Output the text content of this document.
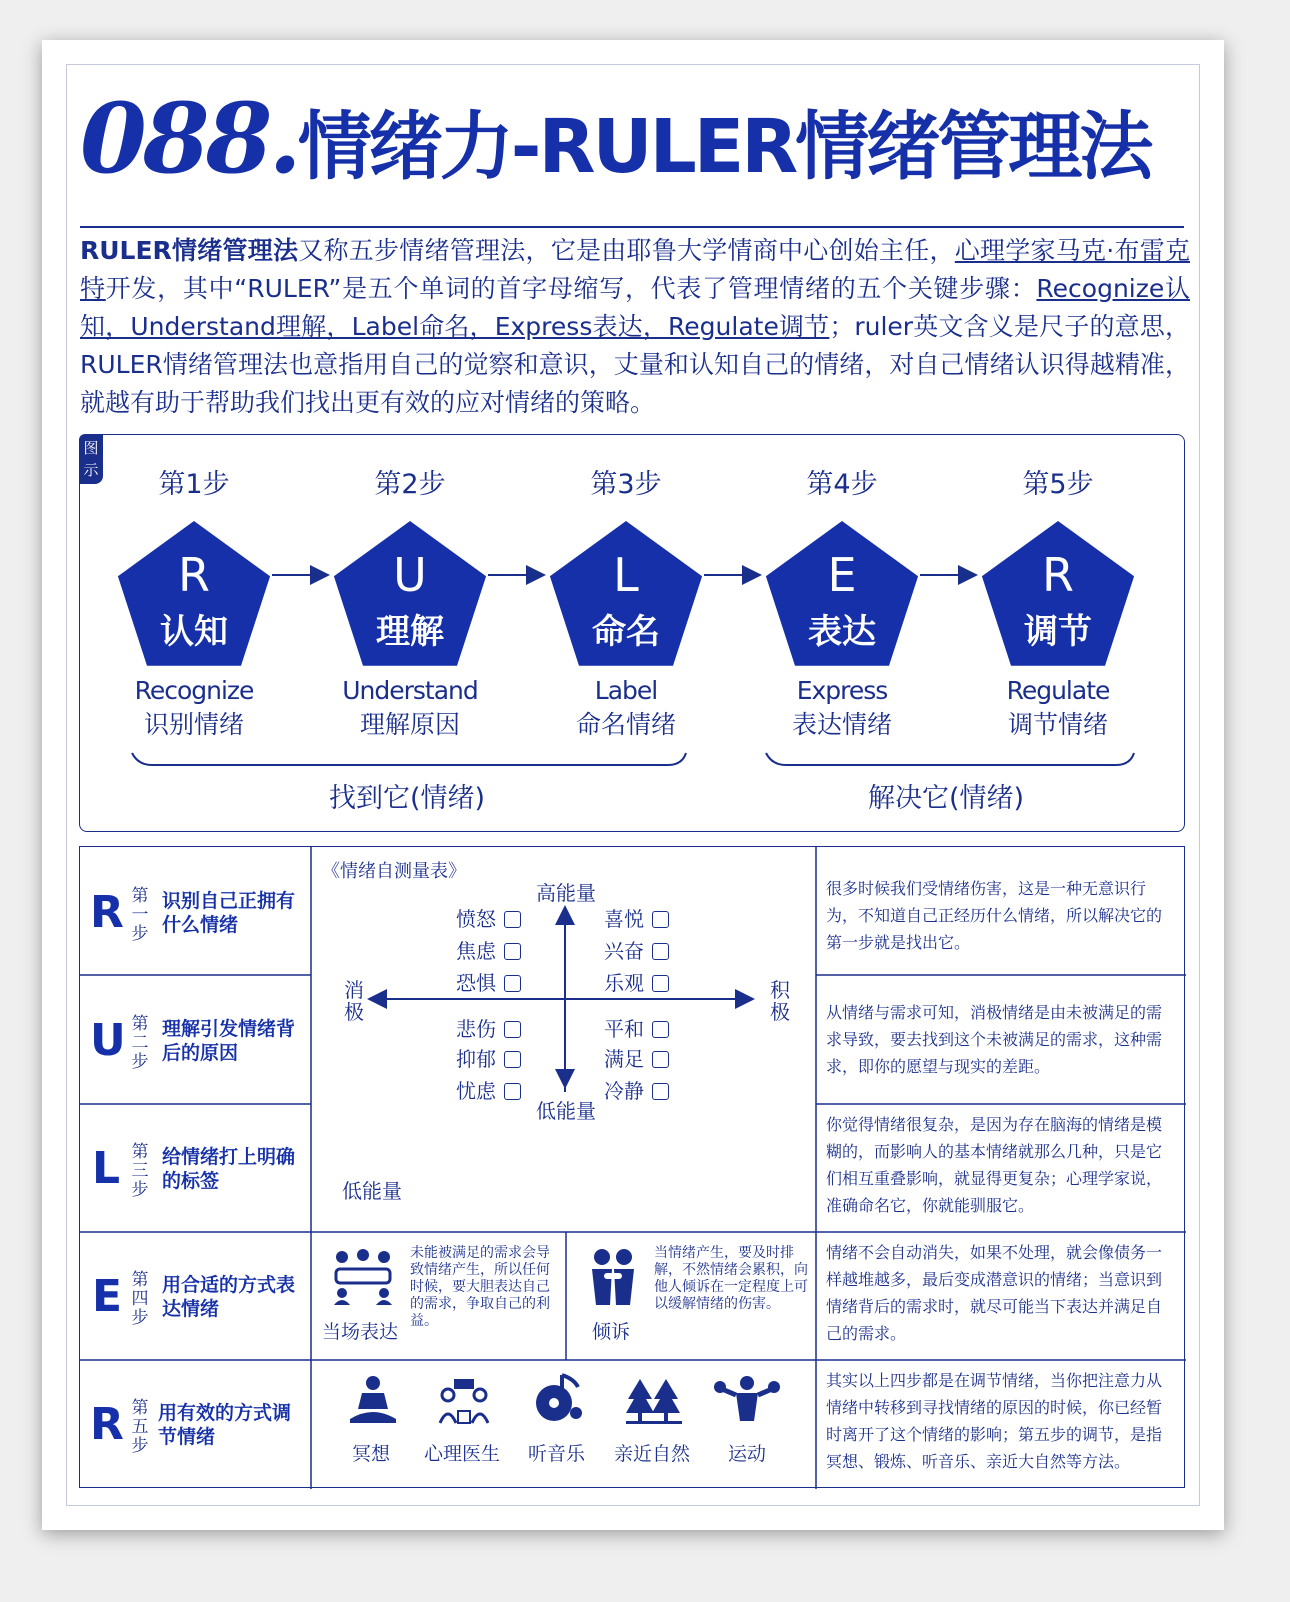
088.情绪力-RULER情绪管理法
RULER情绪管理法又称五步情绪管理法，它是由耶鲁大学情商中心创始主任，心理学家马克·布雷克特开发，其中“RULER”是五个单词的首字母缩写，代表了管理情绪的五个关键步骤：Recognize认知，Understand理解，Label命名，Express表达，Regulate调节；ruler英文含义是尺子的意思，RULER情绪管理法也意指用自己的觉察和意识，丈量和认知自己的情绪，对自己情绪认识得越精准，就越有助于帮助我们找出更有效的应对情绪的策略。
图示 第1步
R
认知
Recognize
识别情绪
第2步
U
理解
Understand
理解原因
第3步
L
命名
Label
命名情绪
第4步
E
表达
Express
表达情绪
第5步
R
调节
Regulate
调节情绪
找到它(情绪)	解决它(情绪)
R 第一步
识别自己正拥有什么情绪
U 第二步
理解引发情绪背后的原因
L 第三步
给情绪打上明确的标签
E 第四步
用合适的方式表达情绪
R 第五步
用有效的方式调节情绪
很多时候我们受情绪伤害，这是一种无意识行为，不知道自己正经历什么情绪，所以解决它的第一步就是找出它。
从情绪与需求可知，消极情绪是由未被满足的需求导致，要去找到这个未被满足的需求，这种需求，即你的愿望与现实的差距。
你觉得情绪很复杂，是因为存在脑海的情绪是模糊的，而影响人的基本情绪就那么几种，只是它们相互重叠影响，就显得更复杂；心理学家说，准确命名它，你就能驯服它。
情绪不会自动消失，如果不处理，就会像债务一样越堆越多，最后变成潜意识的情绪；当意识到情绪背后的需求时，就尽可能当下表达并满足自己的需求。
其实以上四步都是在调节情绪，当你把注意力从情绪中转移到寻找情绪的原因的时候，你已经暂时离开了这个情绪的影响；第五步的调节，是指冥想、锻炼、听音乐、亲近大自然等方法。
《情绪自测量表》
高能量
低能量
消极
积极
愤怒
焦虑
恐惧
喜悦
兴奋
乐观
悲伤
抑郁
忧虑
平和
满足
冷静
低能量
当场表达
未能被满足的需求会导致情绪产生，所以任何时候，要大胆表达自己的需求，争取自己的利益。	倾诉
当情绪产生，要及时排解，不然情绪会累积，向他人倾诉在一定程度上可以缓解情绪的伤害。
冥想 心理医生 听音乐 亲近自然 运动
